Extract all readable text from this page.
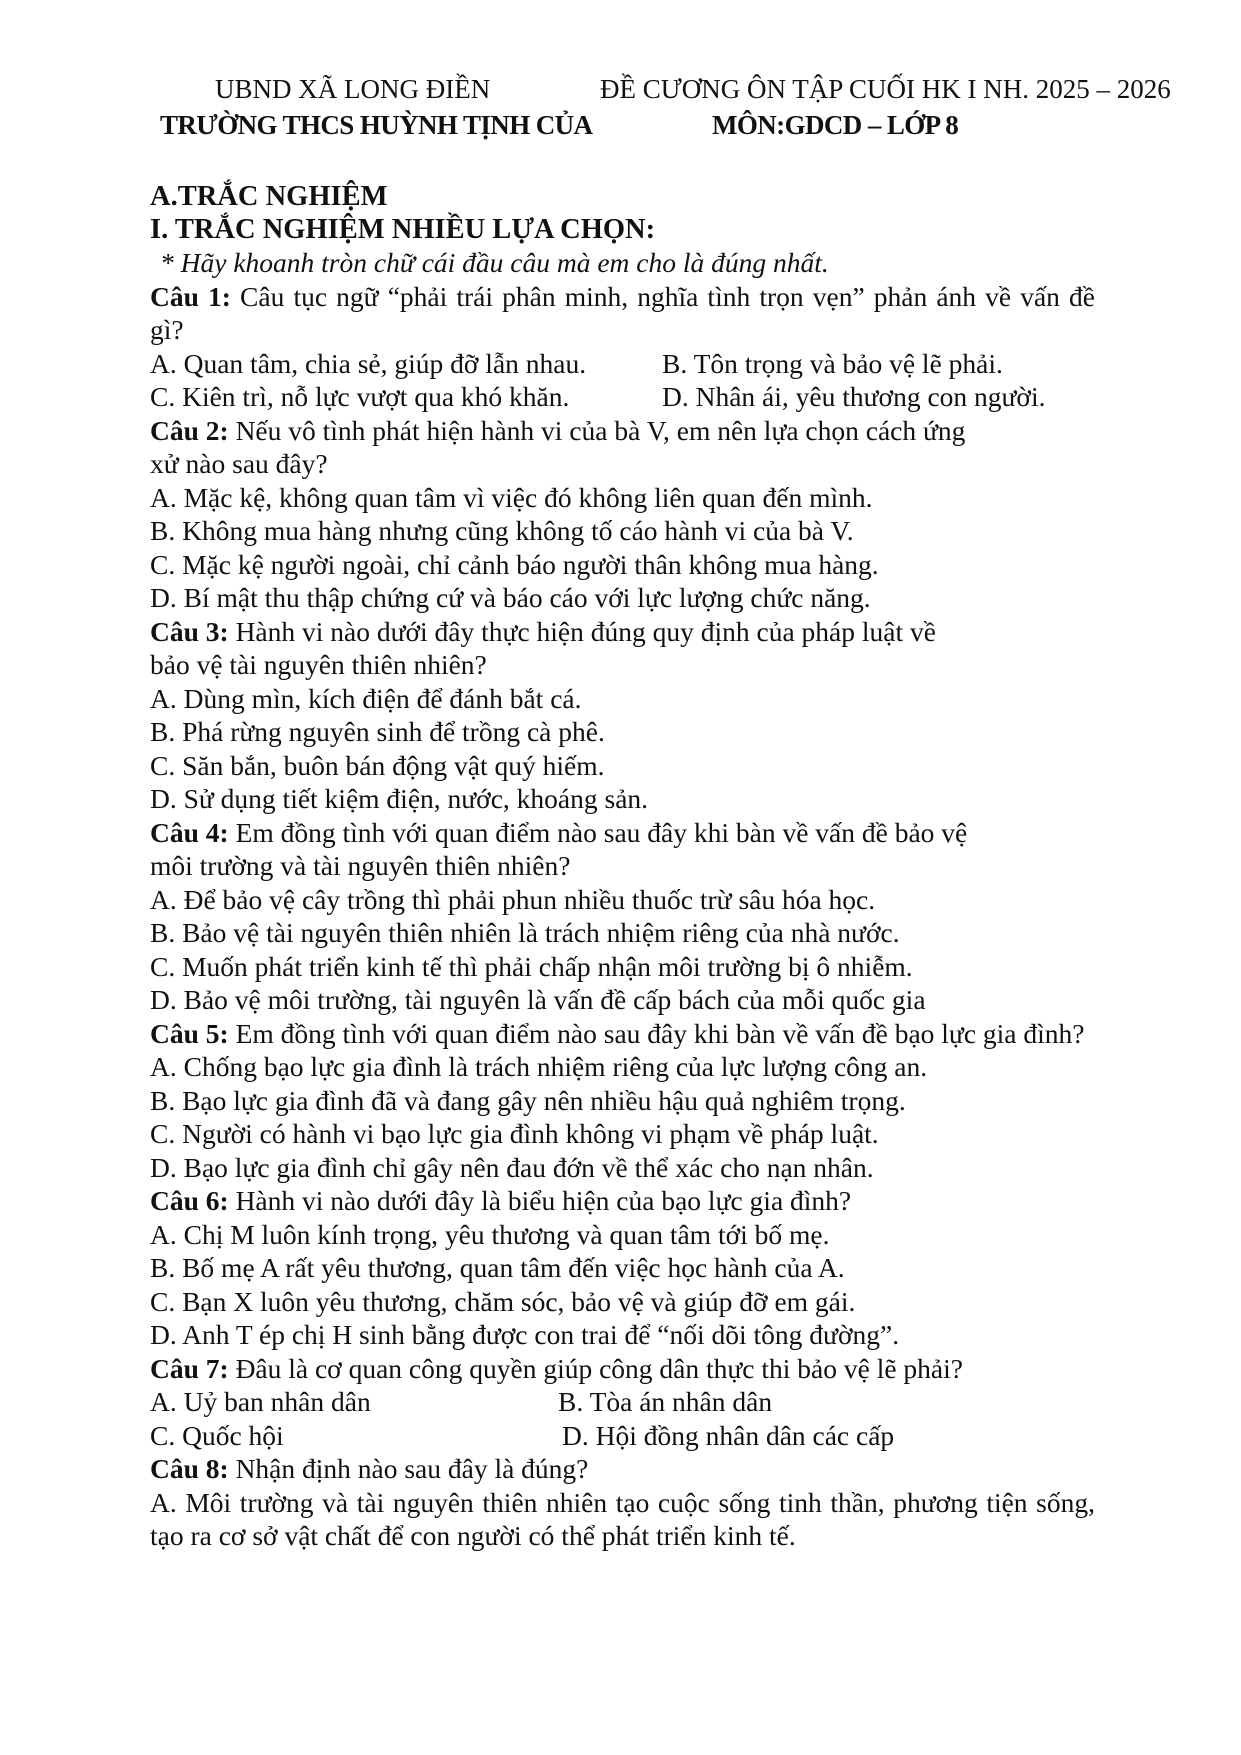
UBND XÃ LONG ĐIỀN
TRƯỜNG THCS HUỲNH TỊNH CỦA
ĐỀ CƯƠNG ÔN TẬP CUỐI HK I NH. 2025 – 2026
MÔN:GDCD – LỚP 8
A.TRẮC NGHIỆM
I. TRẮC NGHIỆM NHIỀU LỰA CHỌN:
* Hãy khoanh tròn chữ cái đầu câu mà em cho là đúng nhất.
Câu 1: Câu tục ngữ “phải trái phân minh, nghĩa tình trọn vẹn” phản ánh về vấn đề gì?
A. Quan tâm, chia sẻ, giúp đỡ lẫn nhau.	B. Tôn trọng và bảo vệ lẽ phải.
C. Kiên trì, nỗ lực vượt qua khó khăn.	D. Nhân ái, yêu thương con người.
Câu 2: Nếu vô tình phát hiện hành vi của bà V, em nên lựa chọn cách ứng
xử nào sau đây?
A. Mặc kệ, không quan tâm vì việc đó không liên quan đến mình.
B. Không mua hàng nhưng cũng không tố cáo hành vi của bà V.
C. Mặc kệ người ngoài, chỉ cảnh báo người thân không mua hàng.
D. Bí mật thu thập chứng cứ và báo cáo với lực lượng chức năng.
Câu 3: Hành vi nào dưới đây thực hiện đúng quy định của pháp luật về
bảo vệ tài nguyên thiên nhiên?
A. Dùng mìn, kích điện để đánh bắt cá.
B. Phá rừng nguyên sinh để trồng cà phê.
C. Săn bắn, buôn bán động vật quý hiếm.
D. Sử dụng tiết kiệm điện, nước, khoáng sản.
Câu 4: Em đồng tình với quan điểm nào sau đây khi bàn về vấn đề bảo vệ
môi trường và tài nguyên thiên nhiên?
A. Để bảo vệ cây trồng thì phải phun nhiều thuốc trừ sâu hóa học.
B. Bảo vệ tài nguyên thiên nhiên là trách nhiệm riêng của nhà nước.
C. Muốn phát triển kinh tế thì phải chấp nhận môi trường bị ô nhiễm.
D. Bảo vệ môi trường, tài nguyên là vấn đề cấp bách của mỗi quốc gia
Câu 5: Em đồng tình với quan điểm nào sau đây khi bàn về vấn đề bạo lực gia đình?
A. Chống bạo lực gia đình là trách nhiệm riêng của lực lượng công an.
B. Bạo lực gia đình đã và đang gây nên nhiều hậu quả nghiêm trọng.
C. Người có hành vi bạo lực gia đình không vi phạm về pháp luật.
D. Bạo lực gia đình chỉ gây nên đau đớn về thể xác cho nạn nhân.
Câu 6: Hành vi nào dưới đây là biểu hiện của bạo lực gia đình?
A. Chị M luôn kính trọng, yêu thương và quan tâm tới bố mẹ.
B. Bố mẹ A rất yêu thương, quan tâm đến việc học hành của A.
C. Bạn X luôn yêu thương, chăm sóc, bảo vệ và giúp đỡ em gái.
D. Anh T ép chị H sinh bằng được con trai để “nối dõi tông đường”.
Câu 7: Đâu là cơ quan công quyền giúp công dân thực thi bảo vệ lẽ phải?
A. Uỷ ban nhân dân	B. Tòa án nhân dân
C. Quốc hội	D. Hội đồng nhân dân các cấp
Câu 8: Nhận định nào sau đây là đúng?
A. Môi trường và tài nguyên thiên nhiên tạo cuộc sống tinh thần, phương tiện sống, tạo ra cơ sở vật chất để con người có thể phát triển kinh tế.
